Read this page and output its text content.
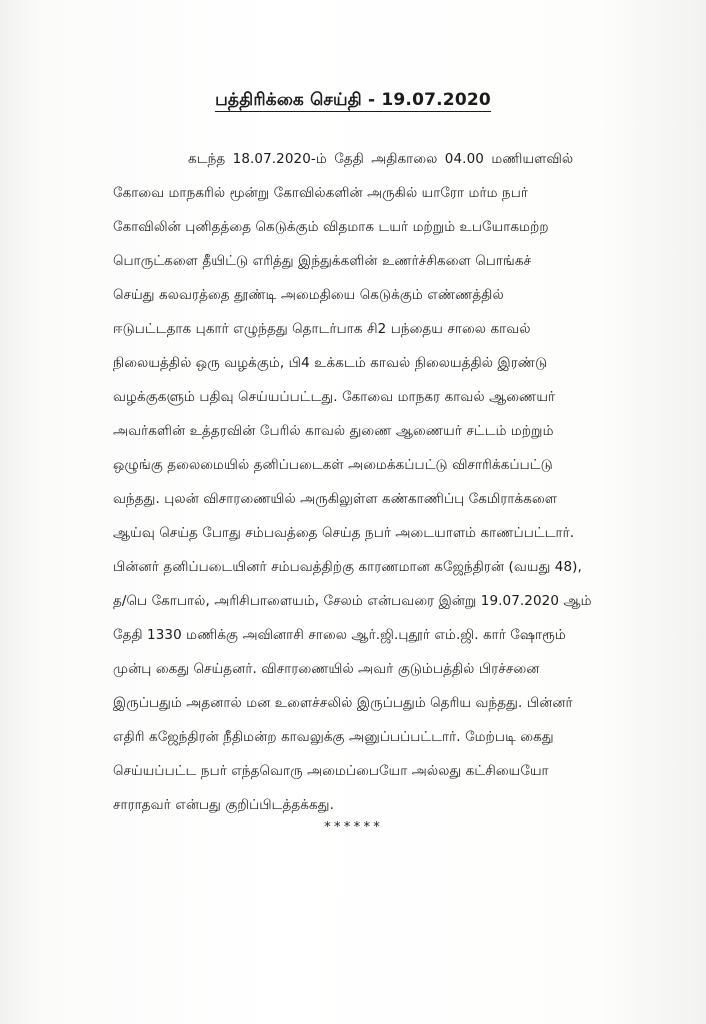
பத்திரிக்கை செய்தி - 19.07.2020
கடந்த 18.07.2020-ம் தேதி அதிகாலை 04.00 மணியளவில்
கோவை மாநகரில் மூன்று கோவில்களின் அருகில் யாரோ மர்ம நபர்
கோவிலின் புனிதத்தை கெடுக்கும் விதமாக டயர் மற்றும் உபயோகமற்ற
பொருட்களை தீயிட்டு எரித்து இந்துக்களின் உணர்ச்சிகளை பொங்கச்
செய்து கலவரத்தை தூண்டி அமைதியை கெடுக்கும் எண்ணத்தில்
ஈடுபட்டதாக புகார் எழுந்தது தொடர்பாக சி2 பந்தைய சாலை காவல்
நிலையத்தில் ஒரு வழக்கும், பி4 உக்கடம் காவல் நிலையத்தில் இரண்டு
வழக்குகளும் பதிவு செய்யப்பட்டது. கோவை மாநகர காவல் ஆணையர்
அவர்களின் உத்தரவின் பேரில் காவல் துணை ஆணையர் சட்டம் மற்றும்
ஒழுங்கு தலைமையில் தனிப்படைகள் அமைக்கப்பட்டு விசாரிக்கப்பட்டு
வந்தது. புலன் விசாரணையில் அருகிலுள்ள கண்காணிப்பு கேமிராக்களை
ஆய்வு செய்த போது சம்பவத்தை செய்த நபர் அடையாளம் காணப்பட்டார்.
பின்னர் தனிப்படையினர் சம்பவத்திற்கு காரணமான கஜேந்திரன் (வயது 48),
த/பெ கோபால், அரிசிபாளையம், சேலம் என்பவரை இன்று 19.07.2020 ஆம்
தேதி 1330 மணிக்கு அவினாசி சாலை ஆர்.ஜி.புதூர் எம்.ஜி. கார் ஷோரூம்
முன்பு கைது செய்தனர். விசாரணையில் அவர் குடும்பத்தில் பிரச்சனை
இருப்பதும் அதனால் மன உளைச்சலில் இருப்பதும் தெரிய வந்தது. பின்னர்
எதிரி கஜேந்திரன் நீதிமன்ற காவலுக்கு அனுப்பப்பட்டார். மேற்படி கைது
செய்யப்பட்ட நபர் எந்தவொரு அமைப்பையோ அல்லது கட்சியையோ
சாராதவர் என்பது குறிப்பிடத்தக்கது.
******
